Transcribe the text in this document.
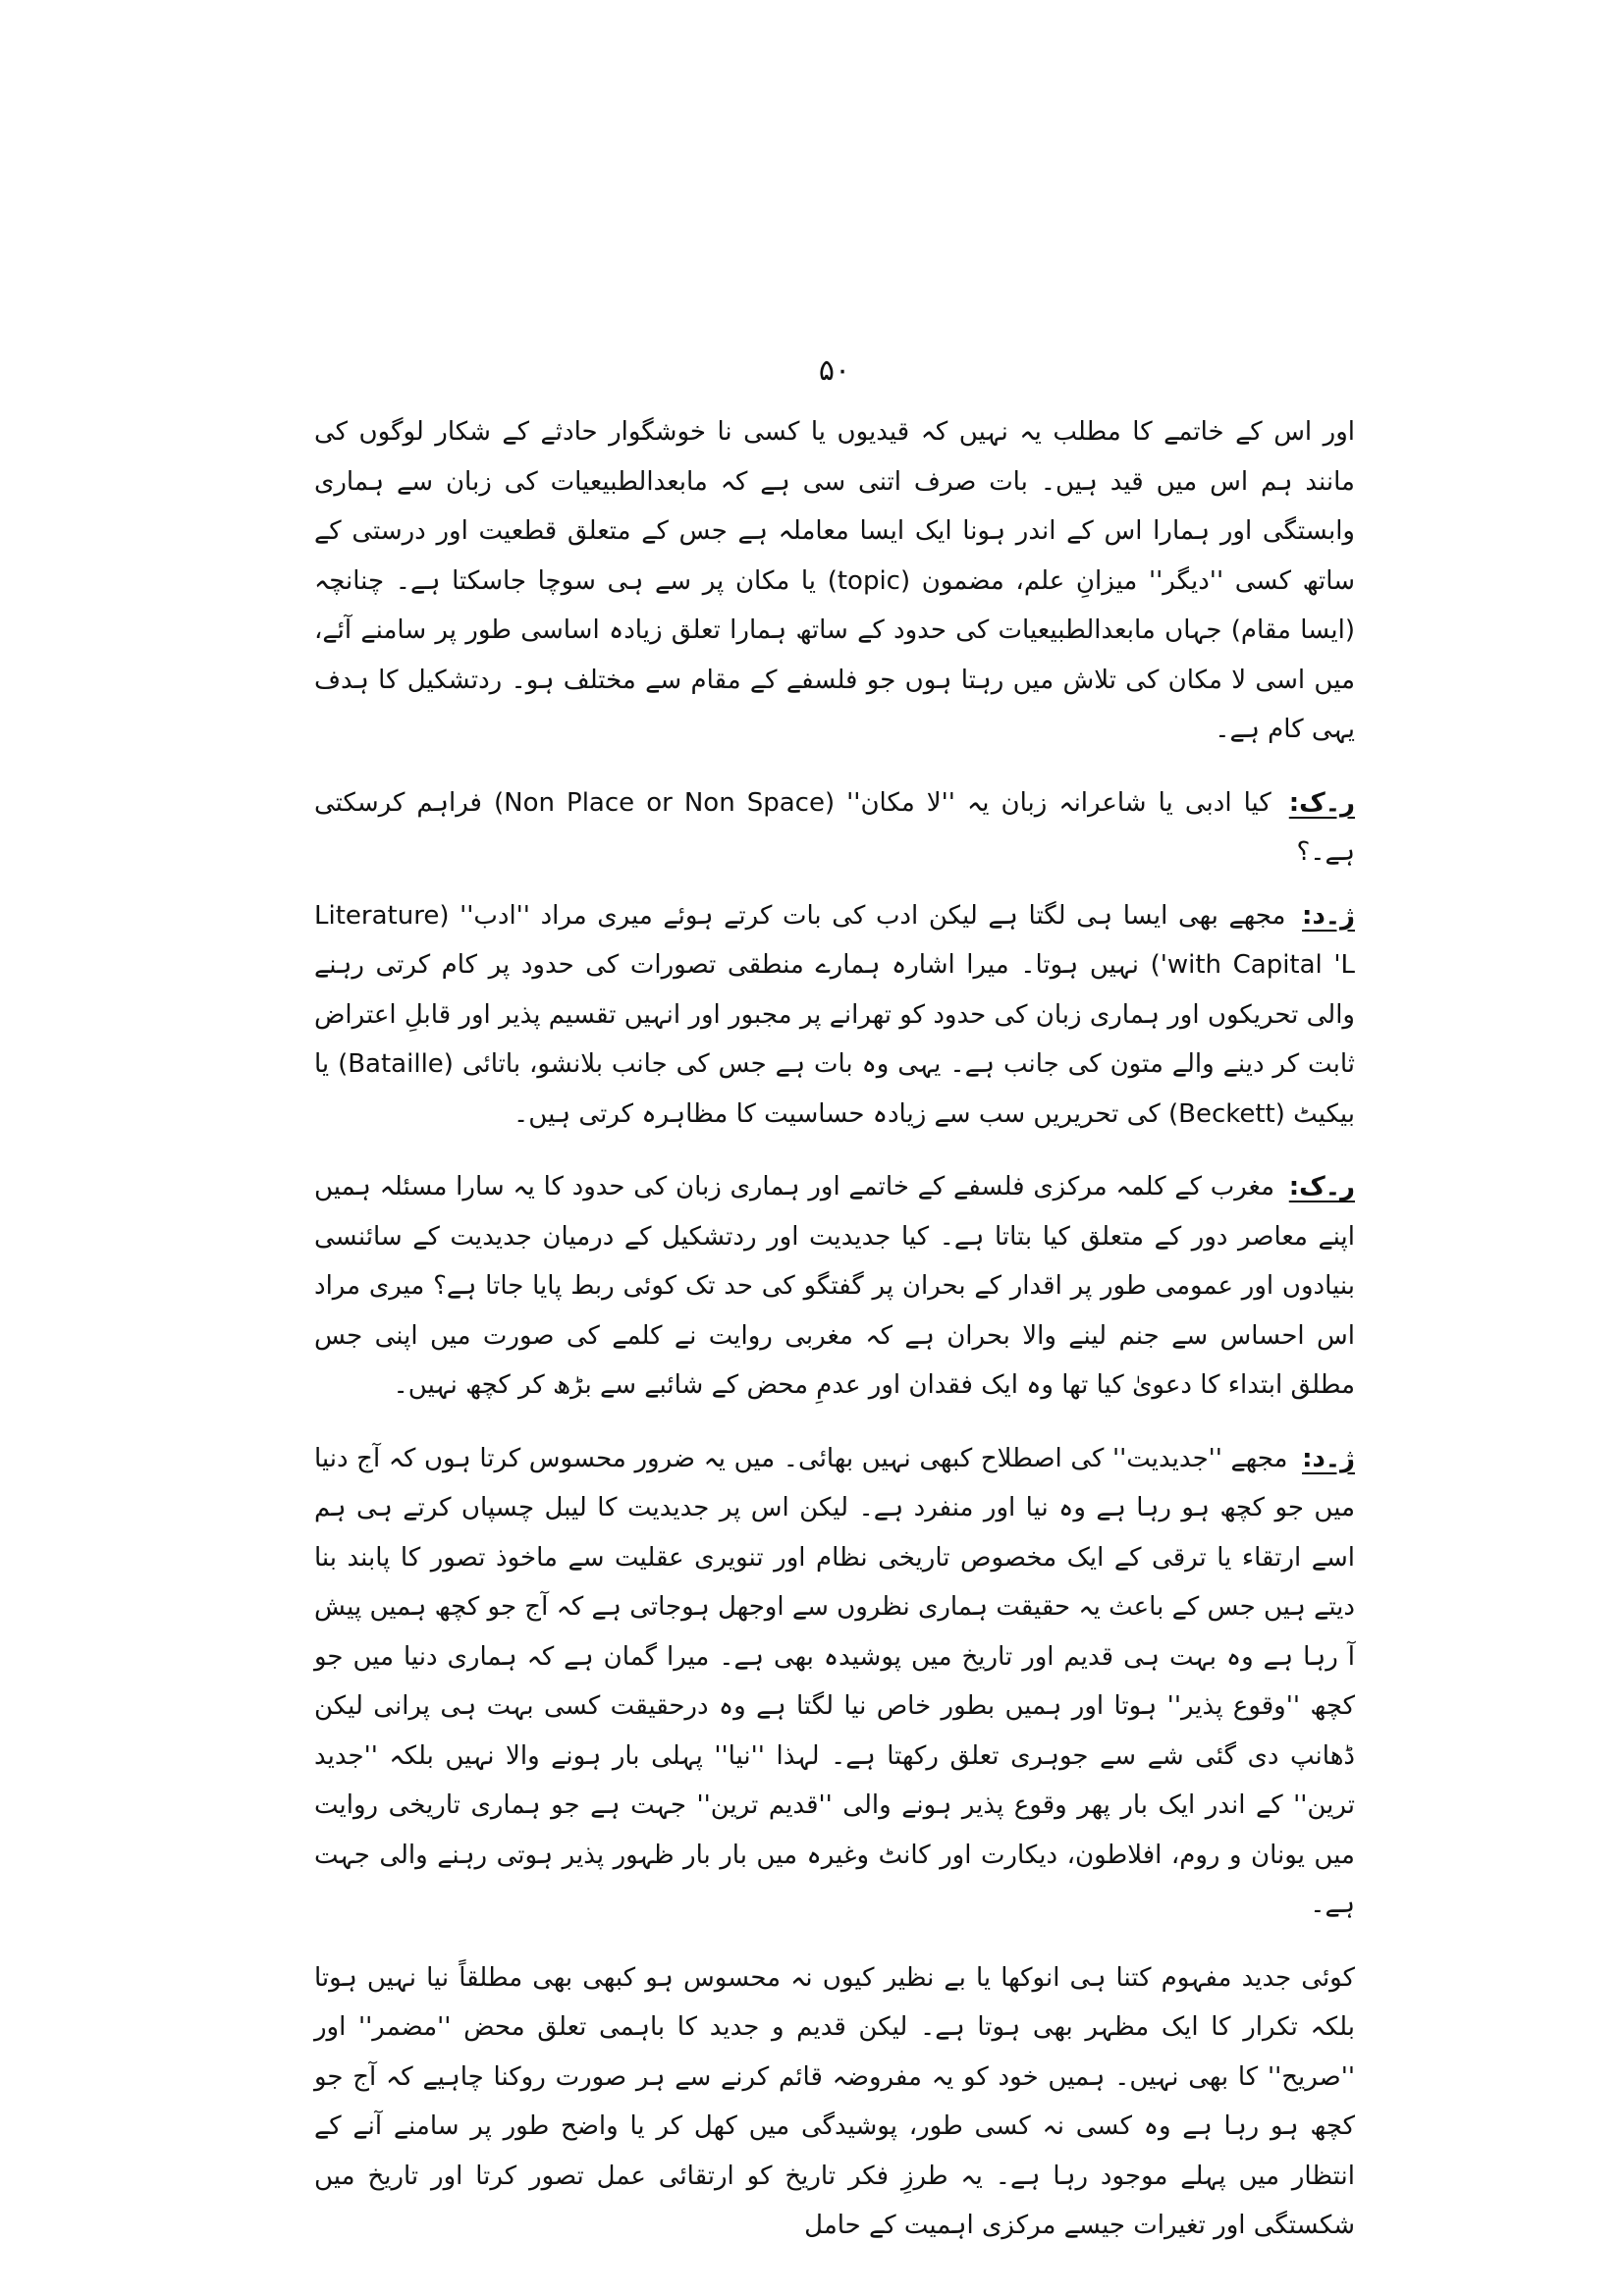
۵۰

اور اس کے خاتمے کا مطلب یہ نہیں کہ قیدیوں یا کسی نا خوشگوار حادثے کے شکار لوگوں کی مانند ہم اس میں قید ہیں۔ بات صرف اتنی سی ہے کہ مابعدالطبیعیات کی زبان سے ہماری وابستگی اور ہمارا اس کے اندر ہونا ایک ایسا معاملہ ہے جس کے متعلق قطعیت اور درستی کے ساتھ کسی ''دیگر'' میزانِ علم، مضمون (topic) یا مکان پر سے ہی سوچا جاسکتا ہے۔ چنانچہ (ایسا مقام) جہاں مابعدالطبیعیات کی حدود کے ساتھ ہمارا تعلق زیادہ اساسی طور پر سامنے آئے، میں اسی لا مکان کی تلاش میں رہتا ہوں جو فلسفے کے مقام سے مختلف ہو۔ ردتشکیل کا ہدف یہی کام ہے۔

ر۔ک: کیا ادبی یا شاعرانہ زبان یہ ''لا مکان'' (Non Place or Non Space) فراہم کرسکتی ہے۔؟

ژ۔د: مجھے بھی ایسا ہی لگتا ہے لیکن ادب کی بات کرتے ہوئے میری مراد ''ادب'' (Literature with Capital 'L') نہیں ہوتا۔ میرا اشارہ ہمارے منطقی تصورات کی حدود پر کام کرتی رہنے والی تحریکوں اور ہماری زبان کی حدود کو تھرانے پر مجبور اور انہیں تقسیم پذیر اور قابلِ اعتراض ثابت کر دینے والے متون کی جانب ہے۔ یہی وہ بات ہے جس کی جانب بلانشو، باتائی (Bataille) یا بیکیٹ (Beckett) کی تحریریں سب سے زیادہ حساسیت کا مظاہرہ کرتی ہیں۔

ر۔ک: مغرب کے کلمہ مرکزی فلسفے کے خاتمے اور ہماری زبان کی حدود کا یہ سارا مسئلہ ہمیں اپنے معاصر دور کے متعلق کیا بتاتا ہے۔ کیا جدیدیت اور ردتشکیل کے درمیان جدیدیت کے سائنسی بنیادوں اور عمومی طور پر اقدار کے بحران پر گفتگو کی حد تک کوئی ربط پایا جاتا ہے؟ میری مراد اس احساس سے جنم لینے والا بحران ہے کہ مغربی روایت نے کلمے کی صورت میں اپنی جس مطلق ابتداء کا دعویٰ کیا تھا وہ ایک فقدان اور عدمِ محض کے شائبے سے بڑھ کر کچھ نہیں۔

ژ۔د: مجھے ''جدیدیت'' کی اصطلاح کبھی نہیں بھائی۔ میں یہ ضرور محسوس کرتا ہوں کہ آج دنیا میں جو کچھ ہو رہا ہے وہ نیا اور منفرد ہے۔ لیکن اس پر جدیدیت کا لیبل چسپاں کرتے ہی ہم اسے ارتقاء یا ترقی کے ایک مخصوص تاریخی نظام اور تنویری عقلیت سے ماخوذ تصور کا پابند بنا دیتے ہیں جس کے باعث یہ حقیقت ہماری نظروں سے اوجھل ہوجاتی ہے کہ آج جو کچھ ہمیں پیش آ رہا ہے وہ بہت ہی قدیم اور تاریخ میں پوشیدہ بھی ہے۔ میرا گمان ہے کہ ہماری دنیا میں جو کچھ ''وقوع پذیر'' ہوتا اور ہمیں بطور خاص نیا لگتا ہے وہ درحقیقت کسی بہت ہی پرانی لیکن ڈھانپ دی گئی شے سے جوہری تعلق رکھتا ہے۔ لہذا ''نیا'' پہلی بار ہونے والا نہیں بلکہ ''جدید ترین'' کے اندر ایک بار پھر وقوع پذیر ہونے والی ''قدیم ترین'' جہت ہے جو ہماری تاریخی روایت میں یونان و روم، افلاطون، دیکارت اور کانٹ وغیرہ میں بار بار ظہور پذیر ہوتی رہنے والی جہت ہے۔

کوئی جدید مفہوم کتنا ہی انوکھا یا بے نظیر کیوں نہ محسوس ہو کبھی بھی مطلقاً نیا نہیں ہوتا بلکہ تکرار کا ایک مظہر بھی ہوتا ہے۔ لیکن قدیم و جدید کا باہمی تعلق محض ''مضمر'' اور ''صریح'' کا بھی نہیں۔ ہمیں خود کو یہ مفروضہ قائم کرنے سے ہر صورت روکنا چاہیے کہ آج جو کچھ ہو رہا ہے وہ کسی نہ کسی طور، پوشیدگی میں کھل کر یا واضح طور پر سامنے آنے کے انتظار میں پہلے موجود رہا ہے۔ یہ طرزِ فکر تاریخ کو ارتقائی عمل تصور کرتا اور تاریخ میں شکستگی اور تغیرات جیسے مرکزی اہمیت کے حامل
